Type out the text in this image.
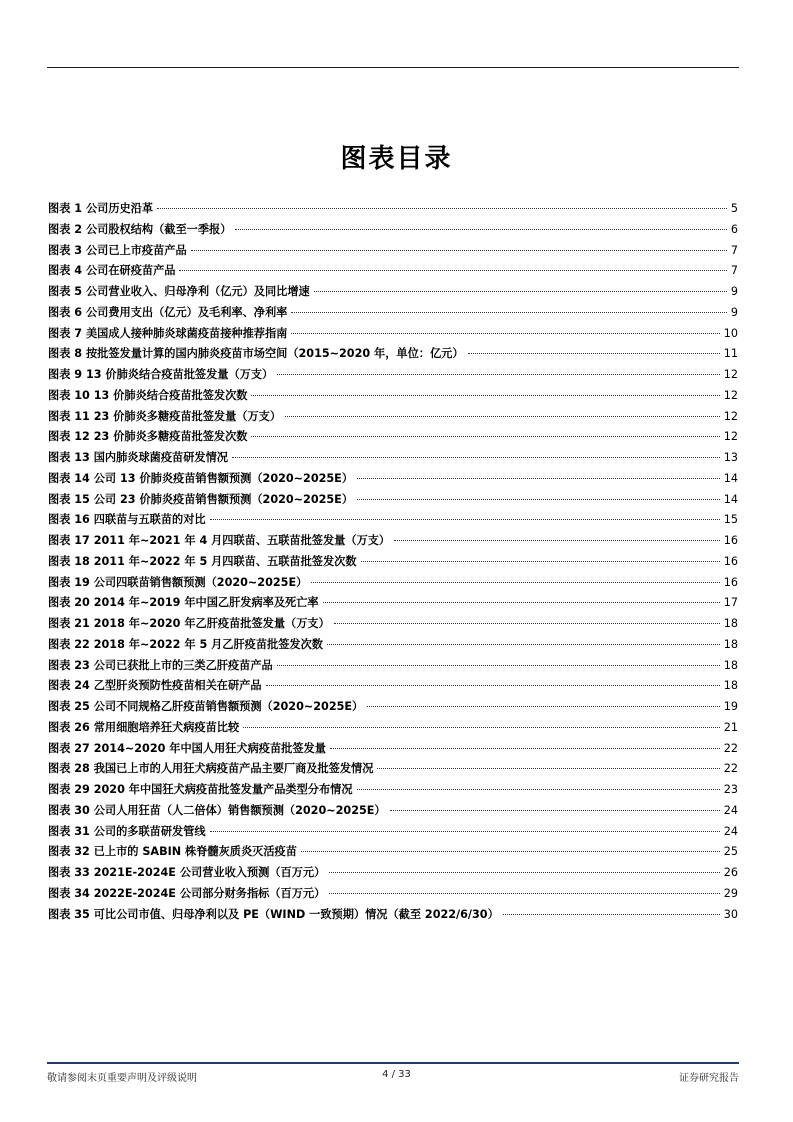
图表目录
图表 1 公司历史沿革	5
图表 2 公司股权结构（截至一季报）	6
图表 3 公司已上市疫苗产品	7
图表 4 公司在研疫苗产品	7
图表 5 公司营业收入、归母净利（亿元）及同比增速	9
图表 6 公司费用支出（亿元）及毛利率、净利率	9
图表 7 美国成人接种肺炎球菌疫苗接种推荐指南	10
图表 8 按批签发量计算的国内肺炎疫苗市场空间（2015~2020 年，单位：亿元）	11
图表 9 13 价肺炎结合疫苗批签发量（万支）	12
图表 10 13 价肺炎结合疫苗批签发次数	12
图表 11 23 价肺炎多糖疫苗批签发量（万支）	12
图表 12 23 价肺炎多糖疫苗批签发次数	12
图表 13 国内肺炎球菌疫苗研发情况	13
图表 14 公司 13 价肺炎疫苗销售额预测（2020~2025E）	14
图表 15 公司 23 价肺炎疫苗销售额预测（2020~2025E）	14
图表 16 四联苗与五联苗的对比	15
图表 17 2011 年~2021 年 4 月四联苗、五联苗批签发量（万支）	16
图表 18 2011 年~2022 年 5 月四联苗、五联苗批签发次数	16
图表 19 公司四联苗销售额预测（2020~2025E）	16
图表 20 2014 年~2019 年中国乙肝发病率及死亡率	17
图表 21 2018 年~2020 年乙肝疫苗批签发量（万支）	18
图表 22 2018 年~2022 年 5 月乙肝疫苗批签发次数	18
图表 23 公司已获批上市的三类乙肝疫苗产品	18
图表 24 乙型肝炎预防性疫苗相关在研产品	18
图表 25 公司不同规格乙肝疫苗销售额预测（2020~2025E）	19
图表 26 常用细胞培养狂犬病疫苗比较	21
图表 27 2014~2020 年中国人用狂犬病疫苗批签发量	22
图表 28 我国已上市的人用狂犬病疫苗产品主要厂商及批签发情况	22
图表 29 2020 年中国狂犬病疫苗批签发量产品类型分布情况	23
图表 30 公司人用狂苗（人二倍体）销售额预测（2020~2025E）	24
图表 31 公司的多联苗研发管线	24
图表 32 已上市的 SABIN 株脊髓灰质炎灭活疫苗	25
图表 33 2021E-2024E 公司营业收入预测（百万元）	26
图表 34 2022E-2024E 公司部分财务指标（百万元）	29
图表 35 可比公司市值、归母净利以及 PE（WIND 一致预期）情况（截至 2022/6/30）	30
敬请参阅末页重要声明及评级说明	4 / 33	证券研究报告
